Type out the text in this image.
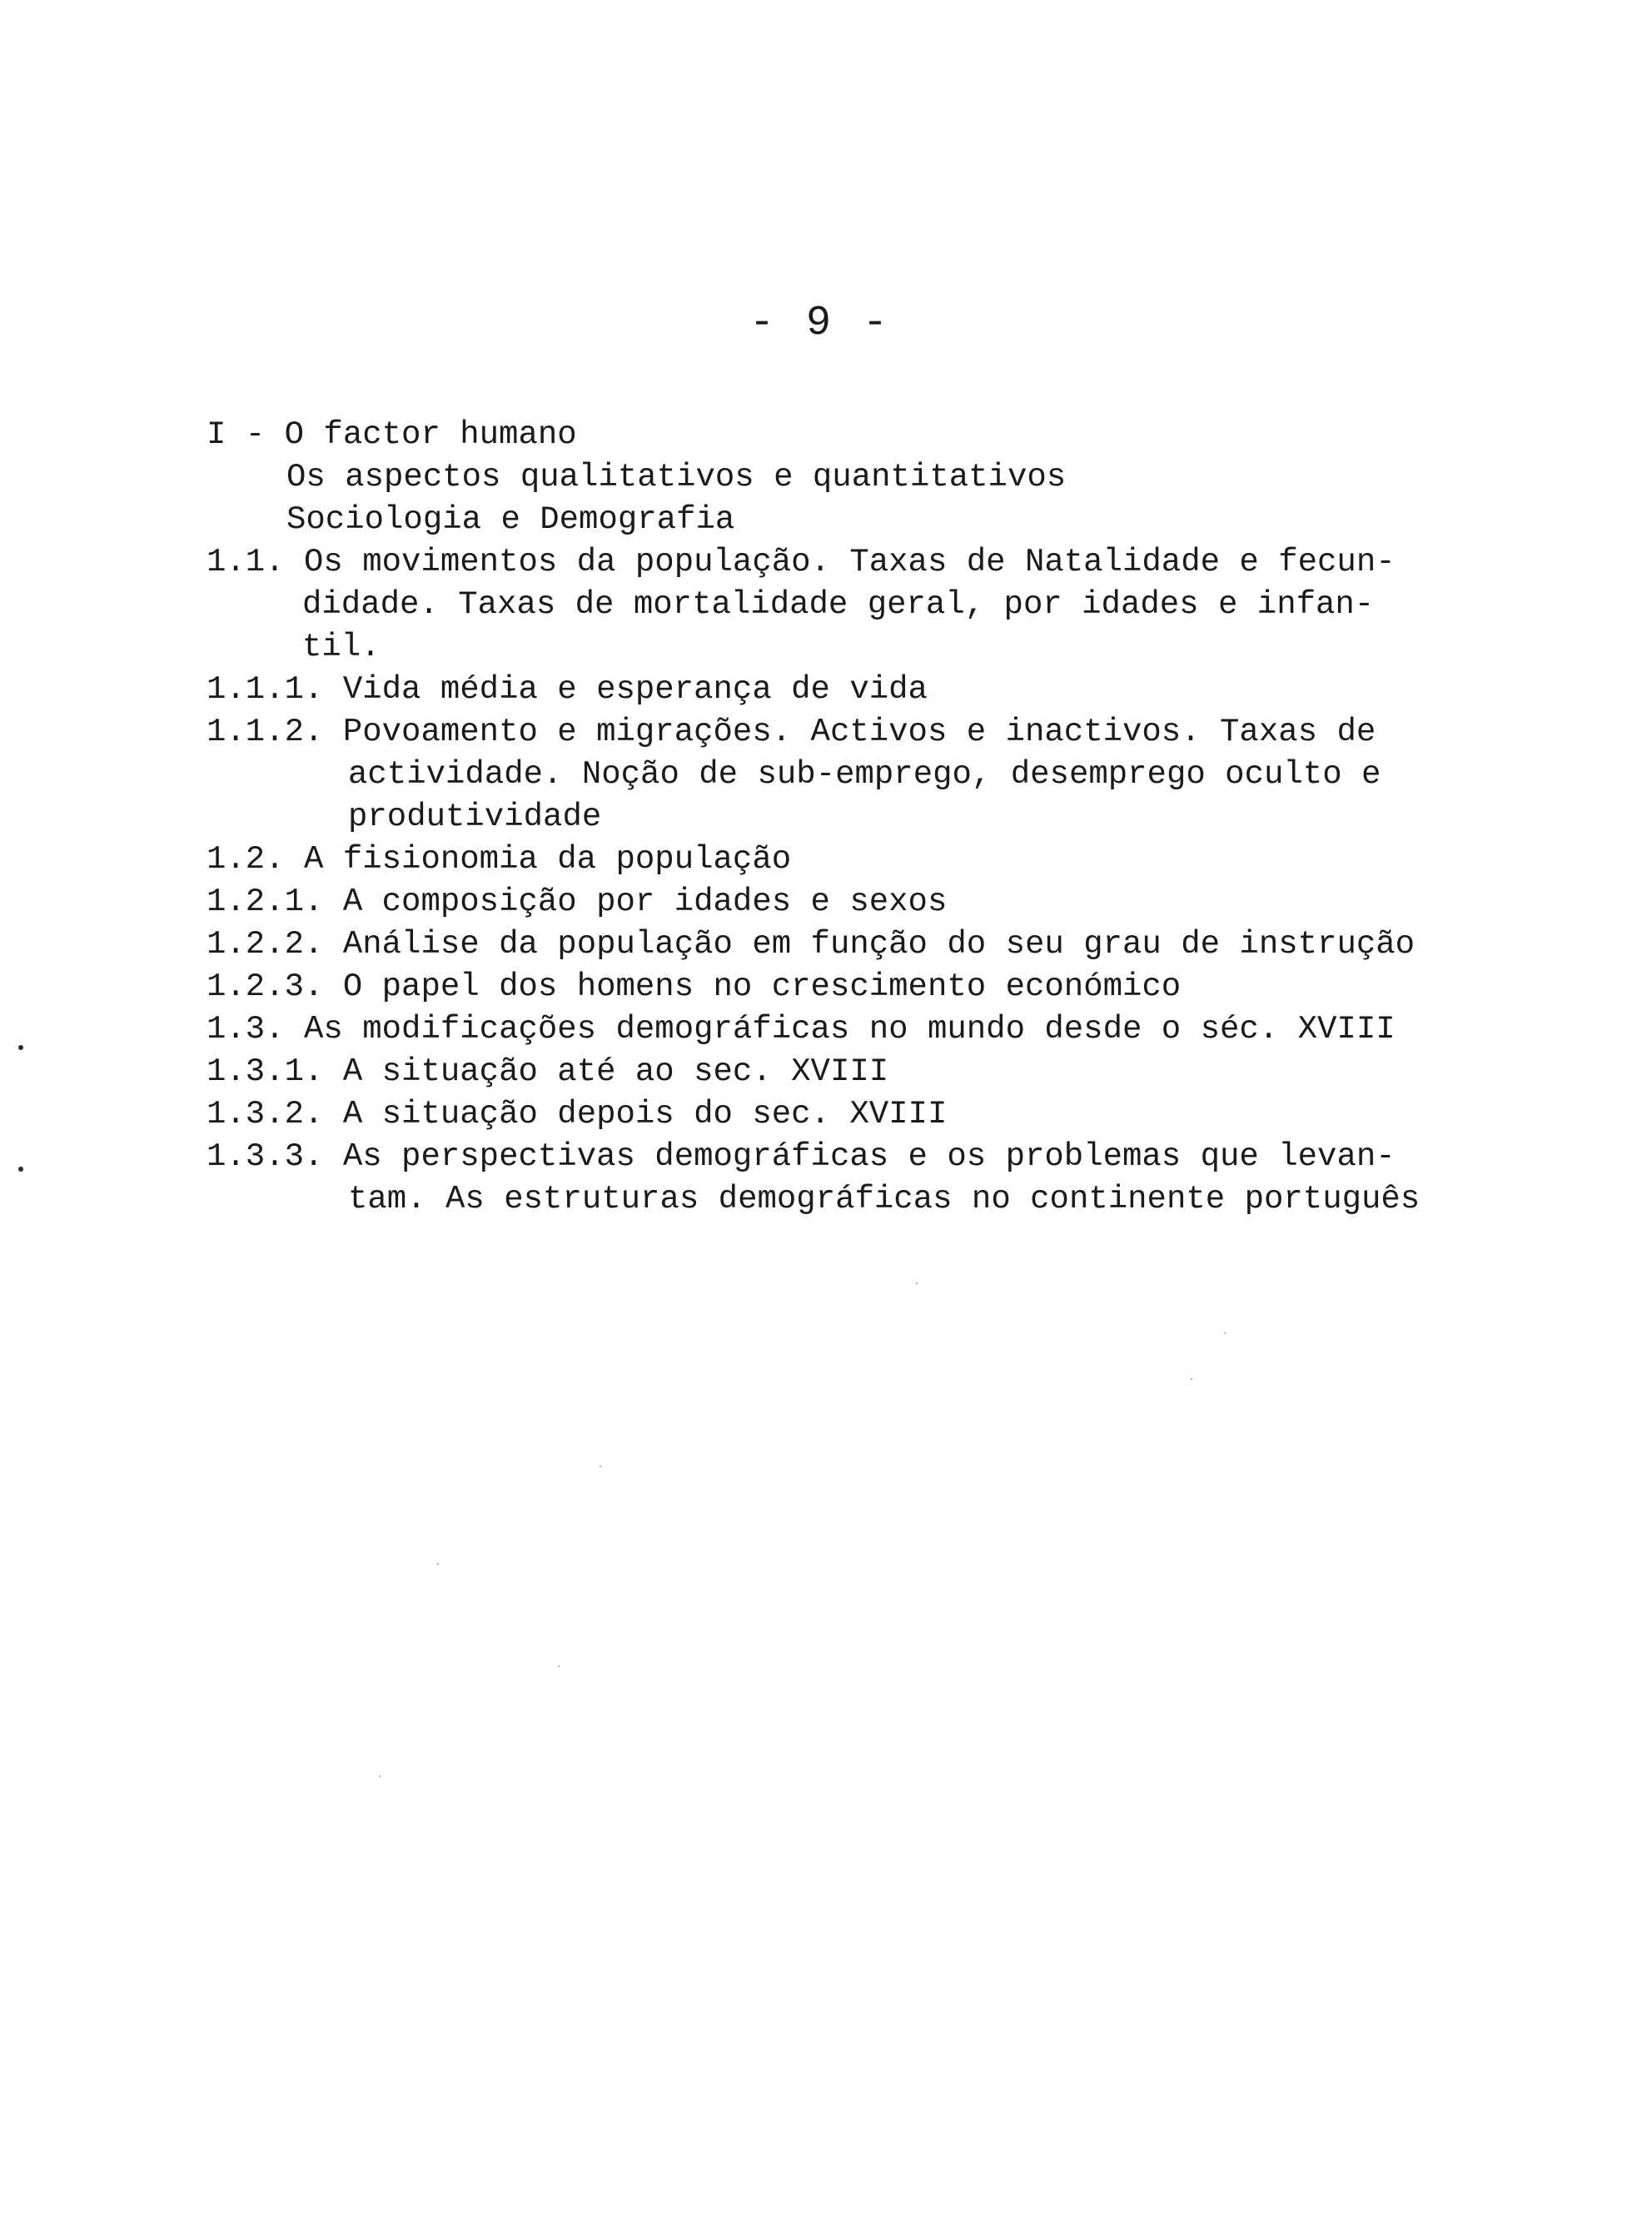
- 9 -
I - O factor humano
Os aspectos qualitativos e quantitativos
Sociologia e Demografia
1.1. Os movimentos da população. Taxas de Natalidade e fecun-
didade. Taxas de mortalidade geral, por idades e infan-
til.
1.1.1. Vida média e esperança de vida
1.1.2. Povoamento e migrações. Activos e inactivos. Taxas de
actividade. Noção de sub-emprego, desemprego oculto e
produtividade
1.2. A fisionomia da população
1.2.1. A composição por idades e sexos
1.2.2. Análise da população em função do seu grau de instrução
1.2.3. O papel dos homens no crescimento económico
1.3. As modificações demográficas no mundo desde o séc. XVIII
1.3.1. A situação até ao sec. XVIII
1.3.2. A situação depois do sec. XVIII
1.3.3. As perspectivas demográficas e os problemas que levan-
tam. As estruturas demográficas no continente português
